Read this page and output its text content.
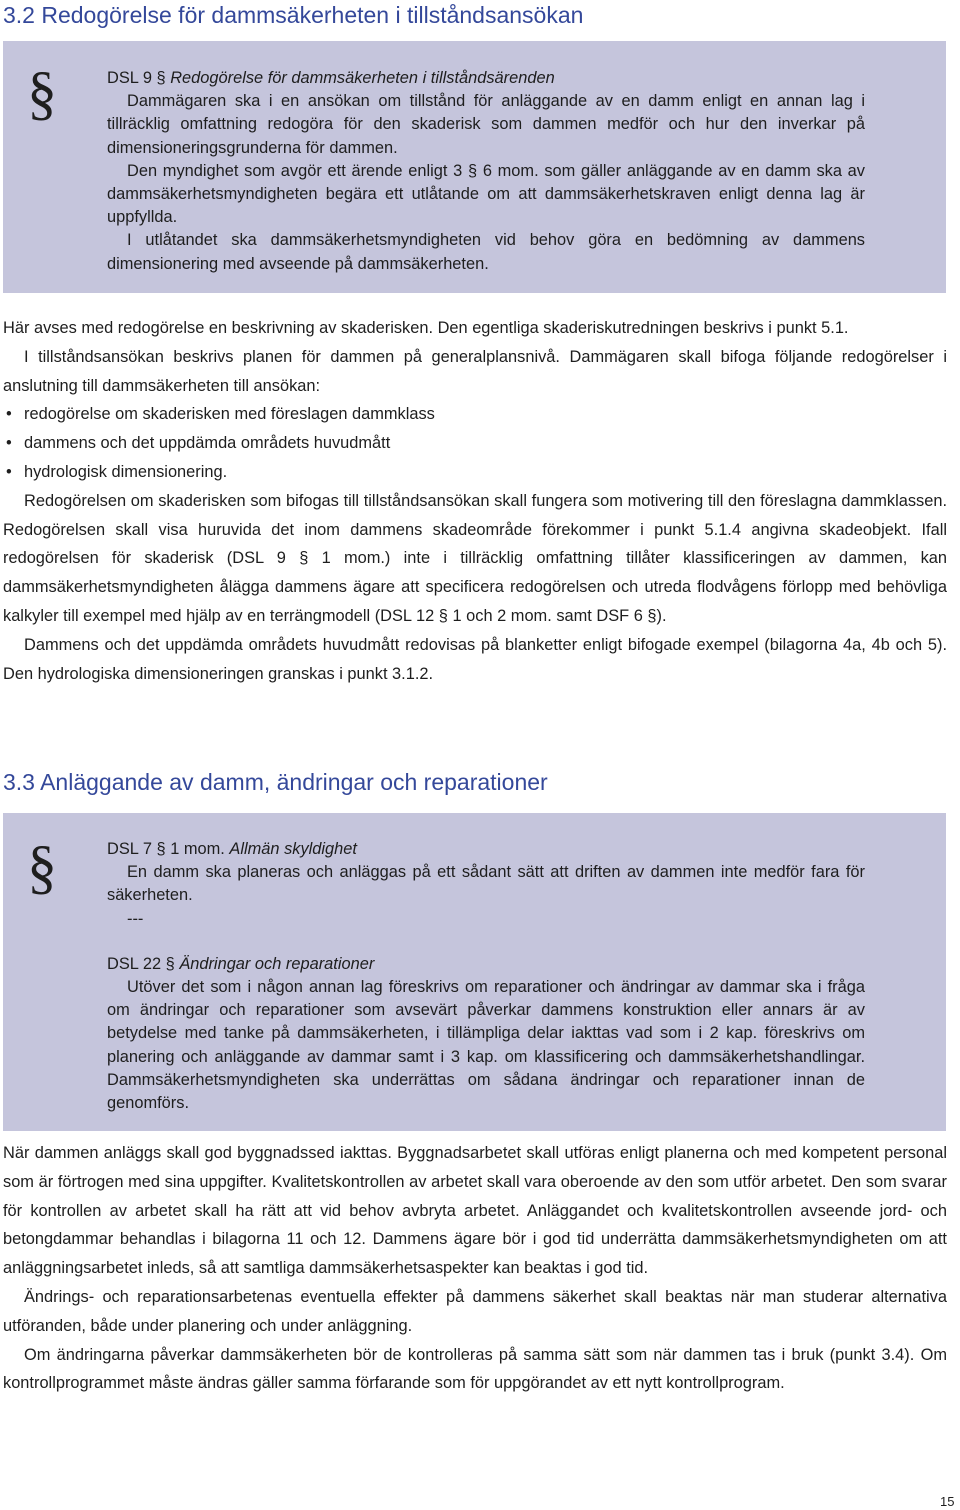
3.2 Redogörelse för dammsäkerheten i tillståndsansökan
§	DSL 9 § Redogörelse för dammsäkerheten i tillståndsärenden

Dammägaren ska i en ansökan om tillstånd för anläggande av en damm enligt en annan lag i tillräcklig omfattning redogöra för den skaderisk som dammen medför och hur den inverkar på dimensioneringsgrunderna för dammen.

Den myndighet som avgör ett ärende enligt 3 § 6 mom. som gäller anläggande av en damm ska av dammsäkerhetsmyndigheten begära ett utlåtande om att dammsäkerhetskraven enligt denna lag är uppfyllda.

I utlåtandet ska dammsäkerhetsmyndigheten vid behov göra en bedömning av dammens dimensionering med avseende på dammsäkerheten.

Här avses med redogörelse en beskrivning av skaderisken. Den egentliga skaderiskutredningen beskrivs i punkt 5.1.

I tillståndsansökan beskrivs planen för dammen på generalplansnivå. Dammägaren skall bifoga följande redogörelser i anslutning till dammsäkerheten till ansökan:

• redogörelse om skaderisken med föreslagen dammklass
• dammens och det uppdämda områdets huvudmått
• hydrologisk dimensionering.

Redogörelsen om skaderisken som bifogas till tillståndsansökan skall fungera som motivering till den föreslagna dammklassen. Redogörelsen skall visa huruvida det inom dammens skadeområde förekommer i punkt 5.1.4 angivna skadeobjekt. Ifall redogörelsen för skaderisk (DSL 9 § 1 mom.) inte i tillräcklig omfattning tillåter klassificeringen av dammen, kan dammsäkerhetsmyndigheten ålägga dammens ägare att specificera redogörelsen och utreda flodvågens förlopp med behövliga kalkyler till exempel med hjälp av en terrängmodell (DSL 12 § 1 och 2 mom. samt DSF 6 §).

Dammens och det uppdämda områdets huvudmått redovisas på blanketter enligt bifogade exempel (bilagorna 4a, 4b och 5). Den hydrologiska dimensioneringen granskas i punkt 3.1.2.

3.3 Anläggande av damm, ändringar och reparationer
§	DSL 7 § 1 mom. Allmän skyldighet

En damm ska planeras och anläggas på ett sådant sätt att driften av dammen inte medför fara för säkerheten.

---

DSL 22 § Ändringar och reparationer

Utöver det som i någon annan lag föreskrivs om reparationer och ändringar av dammar ska i fråga om ändringar och reparationer som avsevärt påverkar dammens konstruktion eller annars är av betydelse med tanke på dammsäkerheten, i tillämpliga delar iakttas vad som i 2 kap. föreskrivs om planering och anläggande av dammar samt i 3 kap. om klassificering och dammsäkerhetshandlingar. Dammsäkerhetsmyndigheten ska underrättas om sådana ändringar och reparationer innan de genomförs.

När dammen anläggs skall god byggnadssed iakttas. Byggnadsarbetet skall utföras enligt planerna och med kompetent personal som är förtrogen med sina uppgifter. Kvalitetskontrollen av arbetet skall vara oberoende av den som utför arbetet. Den som svarar för kontrollen av arbetet skall ha rätt att vid behov avbryta arbetet. Anläggandet och kvalitetskontrollen avseende jord- och betongdammar behandlas i bilagorna 11 och 12. Dammens ägare bör i god tid underrätta dammsäkerhetsmyndigheten om att anläggningsarbetet inleds, så att samtliga dammsäkerhetsaspekter kan beaktas i god tid.

Ändrings- och reparationsarbetenas eventuella effekter på dammens säkerhet skall beaktas när man studerar alternativa utföranden, både under planering och under anläggning.

Om ändringarna påverkar dammsäkerheten bör de kontrolleras på samma sätt som när dammen tas i bruk (punkt 3.4). Om kontrollprogrammet måste ändras gäller samma förfarande som för uppgörandet av ett nytt kontrollprogram.

15
